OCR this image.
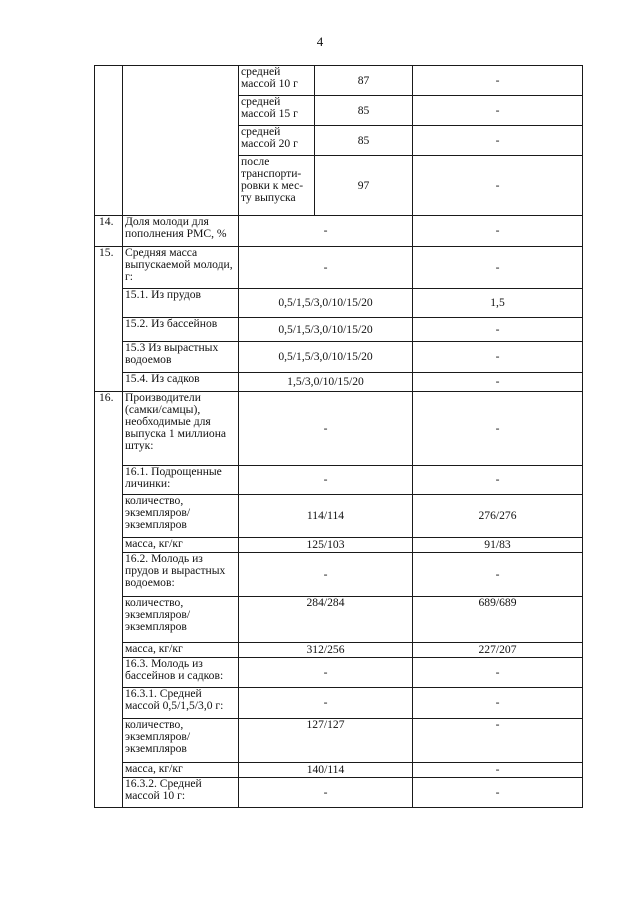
4
		средней массой 10 г	87	-
		средней массой 15 г	85	-
		средней массой 20 г	85	-
		после транспорти-ровки к мес-ту выпуска	97	-
14.	Доля молоди для пополнения РМС, %	-		-
15.	Средняя масса выпускаемой молоди, г:	-		-
	15.1. Из прудов	0,5/1,5/3,0/10/15/20		1,5
	15.2. Из бассейнов	0,5/1,5/3,0/10/15/20		-
	15.3 Из вырастных водоемов	0,5/1,5/3,0/10/15/20		-
	15.4. Из садков	1,5/3,0/10/15/20		-
16.	Производители (самки/самцы), необходимые для выпуска 1 миллиона штук:	-		-
	16.1. Подрощенные личинки:	-		-
	количество, экземпляров/ экземпляров	114/114		276/276
	масса, кг/кг	125/103		91/83
	16.2. Молодь из прудов и вырастных водоемов:	-		-
	количество, экземпляров/ экземпляров	284/284		689/689
	масса, кг/кг	312/256		227/207
	16.3. Молодь из бассейнов и садков:	-		-
	16.3.1. Средней массой 0,5/1,5/3,0 г:	-		-
	количество, экземпляров/ экземпляров	127/127		-
	масса, кг/кг	140/114		-
	16.3.2. Средней массой 10 г:	-		-
